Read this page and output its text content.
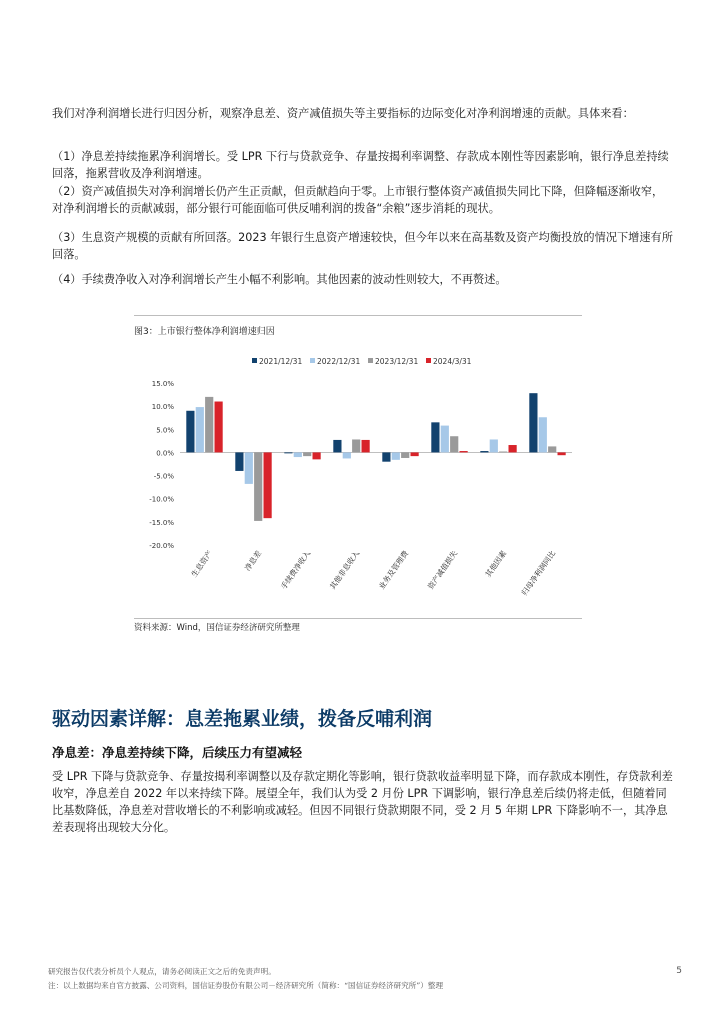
我们对净利润增长进行归因分析，观察净息差、资产减值损失等主要指标的边际变化对净利润增速的贡献。具体来看：

（1）净息差持续拖累净利润增长。受 LPR 下行与贷款竞争、存量按揭利率调整、存款成本刚性等因素影响，银行净息差持续回落，拖累营收及净利润增速。

（2）资产减值损失对净利润增长仍产生正贡献，但贡献趋向于零。上市银行整体资产减值损失同比下降，但降幅逐渐收窄，对净利润增长的贡献减弱，部分银行可能面临可供反哺利润的拨备“余粮”逐步消耗的现状。

（3）生息资产规模的贡献有所回落。2023 年银行生息资产增速较快，但今年以来在高基数及资产均衡投放的情况下增速有所回落。

（4）手续费净收入对净利润增长产生小幅不利影响。其他因素的波动性则较大，不再赘述。

图3：上市银行整体净利润增速归因
2021/12/31 2022/12/31 2023/12/31 2024/3/31
15.0%
10.0%
5.0%
0.0%
-5.0%
-10.0%
-15.0%
-20.0%
生息资产	净息差 手续费净收入 其他非息收入 业务及管理费 资产减值损失	其他因素 归母净利润同比
资料来源：Wind，国信证券经济研究所整理
驱动因素详解：息差拖累业绩，拨备反哺利润
净息差：净息差持续下降，后续压力有望减轻

受 LPR 下降与贷款竞争、存量按揭利率调整以及存款定期化等影响，银行贷款收益率明显下降，而存款成本刚性，存贷款利差收窄，净息差自 2022 年以来持续下降。展望全年，我们认为受 2 月份 LPR 下调影响，银行净息差后续仍将走低，但随着同比基数降低，净息差对营收增长的不利影响或减轻。但因不同银行贷款期限不同，受 2 月 5 年期 LPR 下降影响不一，其净息差表现将出现较大分化。

研究报告仅代表分析员个人观点，请务必阅读正文之后的免责声明。
注：以上数据均来自官方披露、公司资料，国信证券股份有限公司－经济研究所（简称：“国信证券经济研究所”）整理
5
